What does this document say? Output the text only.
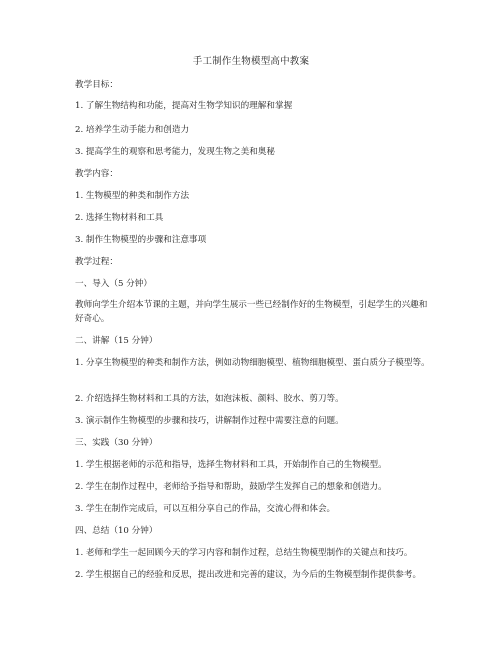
手工制作生物模型高中教案
教学目标：
1. 了解生物结构和功能，提高对生物学知识的理解和掌握
2. 培养学生动手能力和创造力
3. 提高学生的观察和思考能力，发现生物之美和奥秘
教学内容：
1. 生物模型的种类和制作方法
2. 选择生物材料和工具
3. 制作生物模型的步骤和注意事项
教学过程：
一、导入（5 分钟）
教师向学生介绍本节课的主题，并向学生展示一些已经制作好的生物模型，引起学生的兴趣和好奇心。
二、讲解（15 分钟）
1. 分享生物模型的种类和制作方法，例如动物细胞模型、植物细胞模型、蛋白质分子模型等。
2. 介绍选择生物材料和工具的方法，如泡沫板、颜料、胶水、剪刀等。
3. 演示制作生物模型的步骤和技巧，讲解制作过程中需要注意的问题。
三、实践（30 分钟）
1. 学生根据老师的示范和指导，选择生物材料和工具，开始制作自己的生物模型。
2. 学生在制作过程中，老师给予指导和帮助，鼓励学生发挥自己的想象和创造力。
3. 学生在制作完成后，可以互相分享自己的作品，交流心得和体会。
四、总结（10 分钟）
1. 老师和学生一起回顾今天的学习内容和制作过程，总结生物模型制作的关键点和技巧。
2. 学生根据自己的经验和反思，提出改进和完善的建议，为今后的生物模型制作提供参考。
